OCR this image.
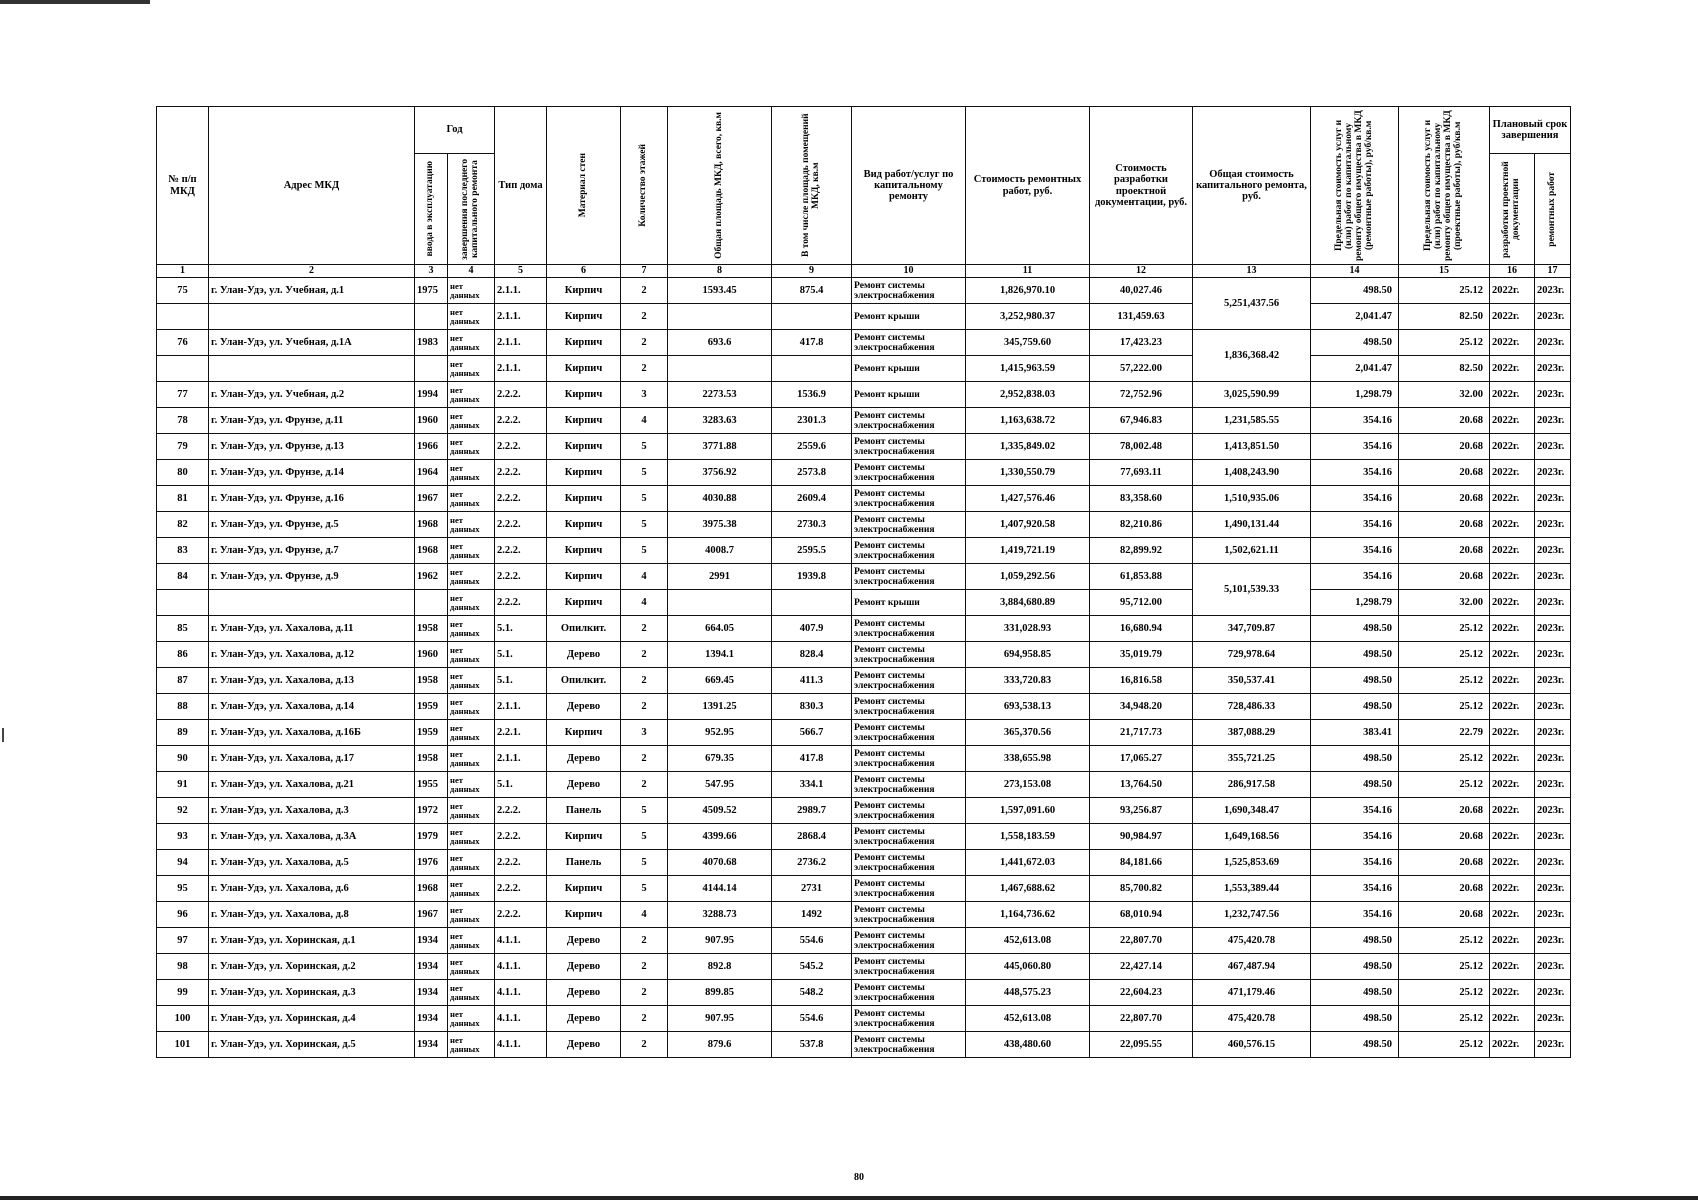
№ п/п МКД	Адрес МКД	Год		Тип дома	Материал стен	Количество этажей	Общая площадь МКД, всего, кв.м	В том числе площадь помещений МКД, кв.м	Вид работ/услуг по капитальному ремонту	Стоимость ремонтных работ, руб.	Стоимость разработки проектной документации, руб.	Общая стоимость капитального ремонта, руб.	Предельная стоимость услуг и (или) работ по капитальному ремонту общего имущества в МКД (ремонтные работы), руб/кв.м	Предельная стоимость услуг и (или) работ по капитальному ремонту общего имущества в МКД (проектные работы), руб/кв.м	Плановый срок завершения	

		ввода в эксплуатацию	завершения последнего капитального ремонта												разработки проектной документации	ремонтных работ

1	2	3	4	5	6	7	8	9	10	11	12	13	14	15	16	17
75	г. Улан-Удэ, ул. Учебная, д.1	1975	нет данных	2.1.1.	Кирпич	2	1593.45	875.4	Ремонт системы электроснабжения	1,826,970.10	40,027.46	5,251,437.56	498.50	25.12	2022г.	2023г.
			нет данных	2.1.1.	Кирпич	2			Ремонт крыши	3,252,980.37	131,459.63		2,041.47	82.50	2022г.	2023г.
76	г. Улан-Удэ, ул. Учебная, д.1А	1983	нет данных	2.1.1.	Кирпич	2	693.6	417.8	Ремонт системы электроснабжения	345,759.60	17,423.23	1,836,368.42	498.50	25.12	2022г.	2023г.
			нет данных	2.1.1.	Кирпич	2			Ремонт крыши	1,415,963.59	57,222.00		2,041.47	82.50	2022г.	2023г.
77	г. Улан-Удэ, ул. Учебная, д.2	1994	нет данных	2.2.2.	Кирпич	3	2273.53	1536.9	Ремонт крыши	2,952,838.03	72,752.96	3,025,590.99	1,298.79	32.00	2022г.	2023г.
78	г. Улан-Удэ, ул. Фрунзе, д.11	1960	нет данных	2.2.2.	Кирпич	4	3283.63	2301.3	Ремонт системы электроснабжения	1,163,638.72	67,946.83	1,231,585.55	354.16	20.68	2022г.	2023г.
79	г. Улан-Удэ, ул. Фрунзе, д.13	1966	нет данных	2.2.2.	Кирпич	5	3771.88	2559.6	Ремонт системы электроснабжения	1,335,849.02	78,002.48	1,413,851.50	354.16	20.68	2022г.	2023г.
80	г. Улан-Удэ, ул. Фрунзе, д.14	1964	нет данных	2.2.2.	Кирпич	5	3756.92	2573.8	Ремонт системы электроснабжения	1,330,550.79	77,693.11	1,408,243.90	354.16	20.68	2022г.	2023г.
81	г. Улан-Удэ, ул. Фрунзе, д.16	1967	нет данных	2.2.2.	Кирпич	5	4030.88	2609.4	Ремонт системы электроснабжения	1,427,576.46	83,358.60	1,510,935.06	354.16	20.68	2022г.	2023г.
82	г. Улан-Удэ, ул. Фрунзе, д.5	1968	нет данных	2.2.2.	Кирпич	5	3975.38	2730.3	Ремонт системы электроснабжения	1,407,920.58	82,210.86	1,490,131.44	354.16	20.68	2022г.	2023г.
83	г. Улан-Удэ, ул. Фрунзе, д.7	1968	нет данных	2.2.2.	Кирпич	5	4008.7	2595.5	Ремонт системы электроснабжения	1,419,721.19	82,899.92	1,502,621.11	354.16	20.68	2022г.	2023г.
84	г. Улан-Удэ, ул. Фрунзе, д.9	1962	нет данных	2.2.2.	Кирпич	4	2991	1939.8	Ремонт системы электроснабжения	1,059,292.56	61,853.88	5,101,539.33	354.16	20.68	2022г.	2023г.
			нет данных	2.2.2.	Кирпич	4			Ремонт крыши	3,884,680.89	95,712.00		1,298.79	32.00	2022г.	2023г.
85	г. Улан-Удэ, ул. Хахалова, д.11	1958	нет данных	5.1.	Опилкит.	2	664.05	407.9	Ремонт системы электроснабжения	331,028.93	16,680.94	347,709.87	498.50	25.12	2022г.	2023г.
86	г. Улан-Удэ, ул. Хахалова, д.12	1960	нет данных	5.1.	Дерево	2	1394.1	828.4	Ремонт системы электроснабжения	694,958.85	35,019.79	729,978.64	498.50	25.12	2022г.	2023г.
87	г. Улан-Удэ, ул. Хахалова, д.13	1958	нет данных	5.1.	Опилкит.	2	669.45	411.3	Ремонт системы электроснабжения	333,720.83	16,816.58	350,537.41	498.50	25.12	2022г.	2023г.
88	г. Улан-Удэ, ул. Хахалова, д.14	1959	нет данных	2.1.1.	Дерево	2	1391.25	830.3	Ремонт системы электроснабжения	693,538.13	34,948.20	728,486.33	498.50	25.12	2022г.	2023г.
89	г. Улан-Удэ, ул. Хахалова, д.16Б	1959	нет данных	2.2.1.	Кирпич	3	952.95	566.7	Ремонт системы электроснабжения	365,370.56	21,717.73	387,088.29	383.41	22.79	2022г.	2023г.
90	г. Улан-Удэ, ул. Хахалова, д.17	1958	нет данных	2.1.1.	Дерево	2	679.35	417.8	Ремонт системы электроснабжения	338,655.98	17,065.27	355,721.25	498.50	25.12	2022г.	2023г.
91	г. Улан-Удэ, ул. Хахалова, д.21	1955	нет данных	5.1.	Дерево	2	547.95	334.1	Ремонт системы электроснабжения	273,153.08	13,764.50	286,917.58	498.50	25.12	2022г.	2023г.
92	г. Улан-Удэ, ул. Хахалова, д.3	1972	нет данных	2.2.2.	Панель	5	4509.52	2989.7	Ремонт системы электроснабжения	1,597,091.60	93,256.87	1,690,348.47	354.16	20.68	2022г.	2023г.
93	г. Улан-Удэ, ул. Хахалова, д.3А	1979	нет данных	2.2.2.	Кирпич	5	4399.66	2868.4	Ремонт системы электроснабжения	1,558,183.59	90,984.97	1,649,168.56	354.16	20.68	2022г.	2023г.
94	г. Улан-Удэ, ул. Хахалова, д.5	1976	нет данных	2.2.2.	Панель	5	4070.68	2736.2	Ремонт системы электроснабжения	1,441,672.03	84,181.66	1,525,853.69	354.16	20.68	2022г.	2023г.
95	г. Улан-Удэ, ул. Хахалова, д.6	1968	нет данных	2.2.2.	Кирпич	5	4144.14	2731	Ремонт системы электроснабжения	1,467,688.62	85,700.82	1,553,389.44	354.16	20.68	2022г.	2023г.
96	г. Улан-Удэ, ул. Хахалова, д.8	1967	нет данных	2.2.2.	Кирпич	4	3288.73	1492	Ремонт системы электроснабжения	1,164,736.62	68,010.94	1,232,747.56	354.16	20.68	2022г.	2023г.
97	г. Улан-Удэ, ул. Хоринская, д.1	1934	нет данных	4.1.1.	Дерево	2	907.95	554.6	Ремонт системы электроснабжения	452,613.08	22,807.70	475,420.78	498.50	25.12	2022г.	2023г.
98	г. Улан-Удэ, ул. Хоринская, д.2	1934	нет данных	4.1.1.	Дерево	2	892.8	545.2	Ремонт системы электроснабжения	445,060.80	22,427.14	467,487.94	498.50	25.12	2022г.	2023г.
99	г. Улан-Удэ, ул. Хоринская, д.3	1934	нет данных	4.1.1.	Дерево	2	899.85	548.2	Ремонт системы электроснабжения	448,575.23	22,604.23	471,179.46	498.50	25.12	2022г.	2023г.
100	г. Улан-Удэ, ул. Хоринская, д.4	1934	нет данных	4.1.1.	Дерево	2	907.95	554.6	Ремонт системы электроснабжения	452,613.08	22,807.70	475,420.78	498.50	25.12	2022г.	2023г.
101	г. Улан-Удэ, ул. Хоринская, д.5	1934	нет данных	4.1.1.	Дерево	2	879.6	537.8	Ремонт системы электроснабжения	438,480.60	22,095.55	460,576.15	498.50	25.12	2022г.	2023г.
80
